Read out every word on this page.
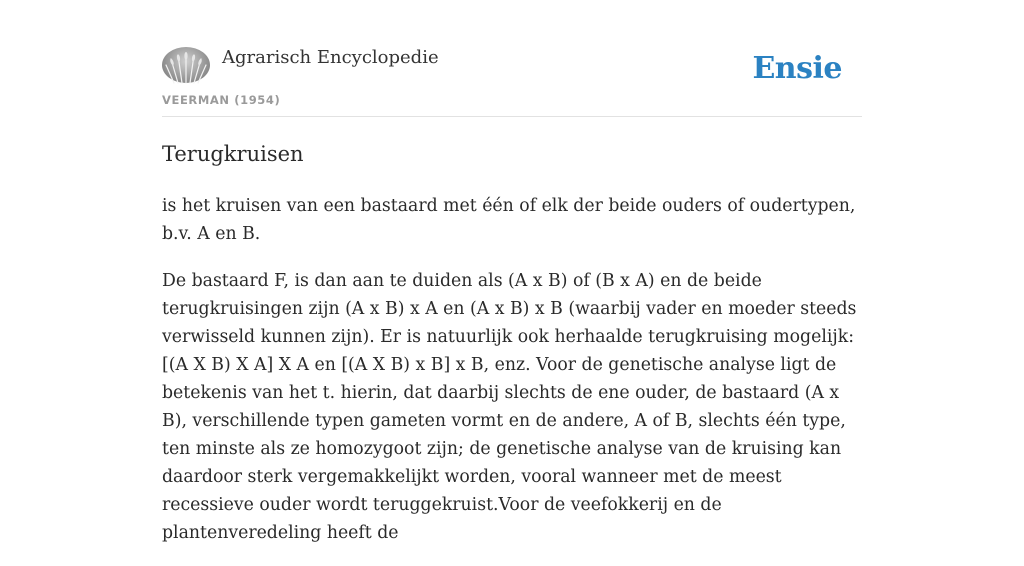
Agrarisch Encyclopedie
VEERMAN (1954)
Ensie
Terugkruisen

is het kruisen van een bastaard met één of elk der beide ouders of oudertypen, b.v. A en B.

De bastaard F, is dan aan te duiden als (A x B) of (B x A) en de beide terugkruisingen zijn (A x B) x A en (A x B) x B (waarbij vader en moeder steeds verwisseld kunnen zijn). Er is natuurlijk ook herhaalde terugkruising mogelijk: [(A X B) X A] X A en [(A X B) x B] x B, enz. Voor de genetische analyse ligt de betekenis van het t. hierin, dat daarbij slechts de ene ouder, de bastaard (A x B), verschillende typen gameten vormt en de andere, A of B, slechts één type, ten minste als ze homozygoot zijn; de genetische analyse van de kruising kan daardoor sterk vergemakkelijkt worden, vooral wanneer met de meest recessieve ouder wordt teruggekruist.Voor de veefokkerij en de plantenveredeling heeft de
